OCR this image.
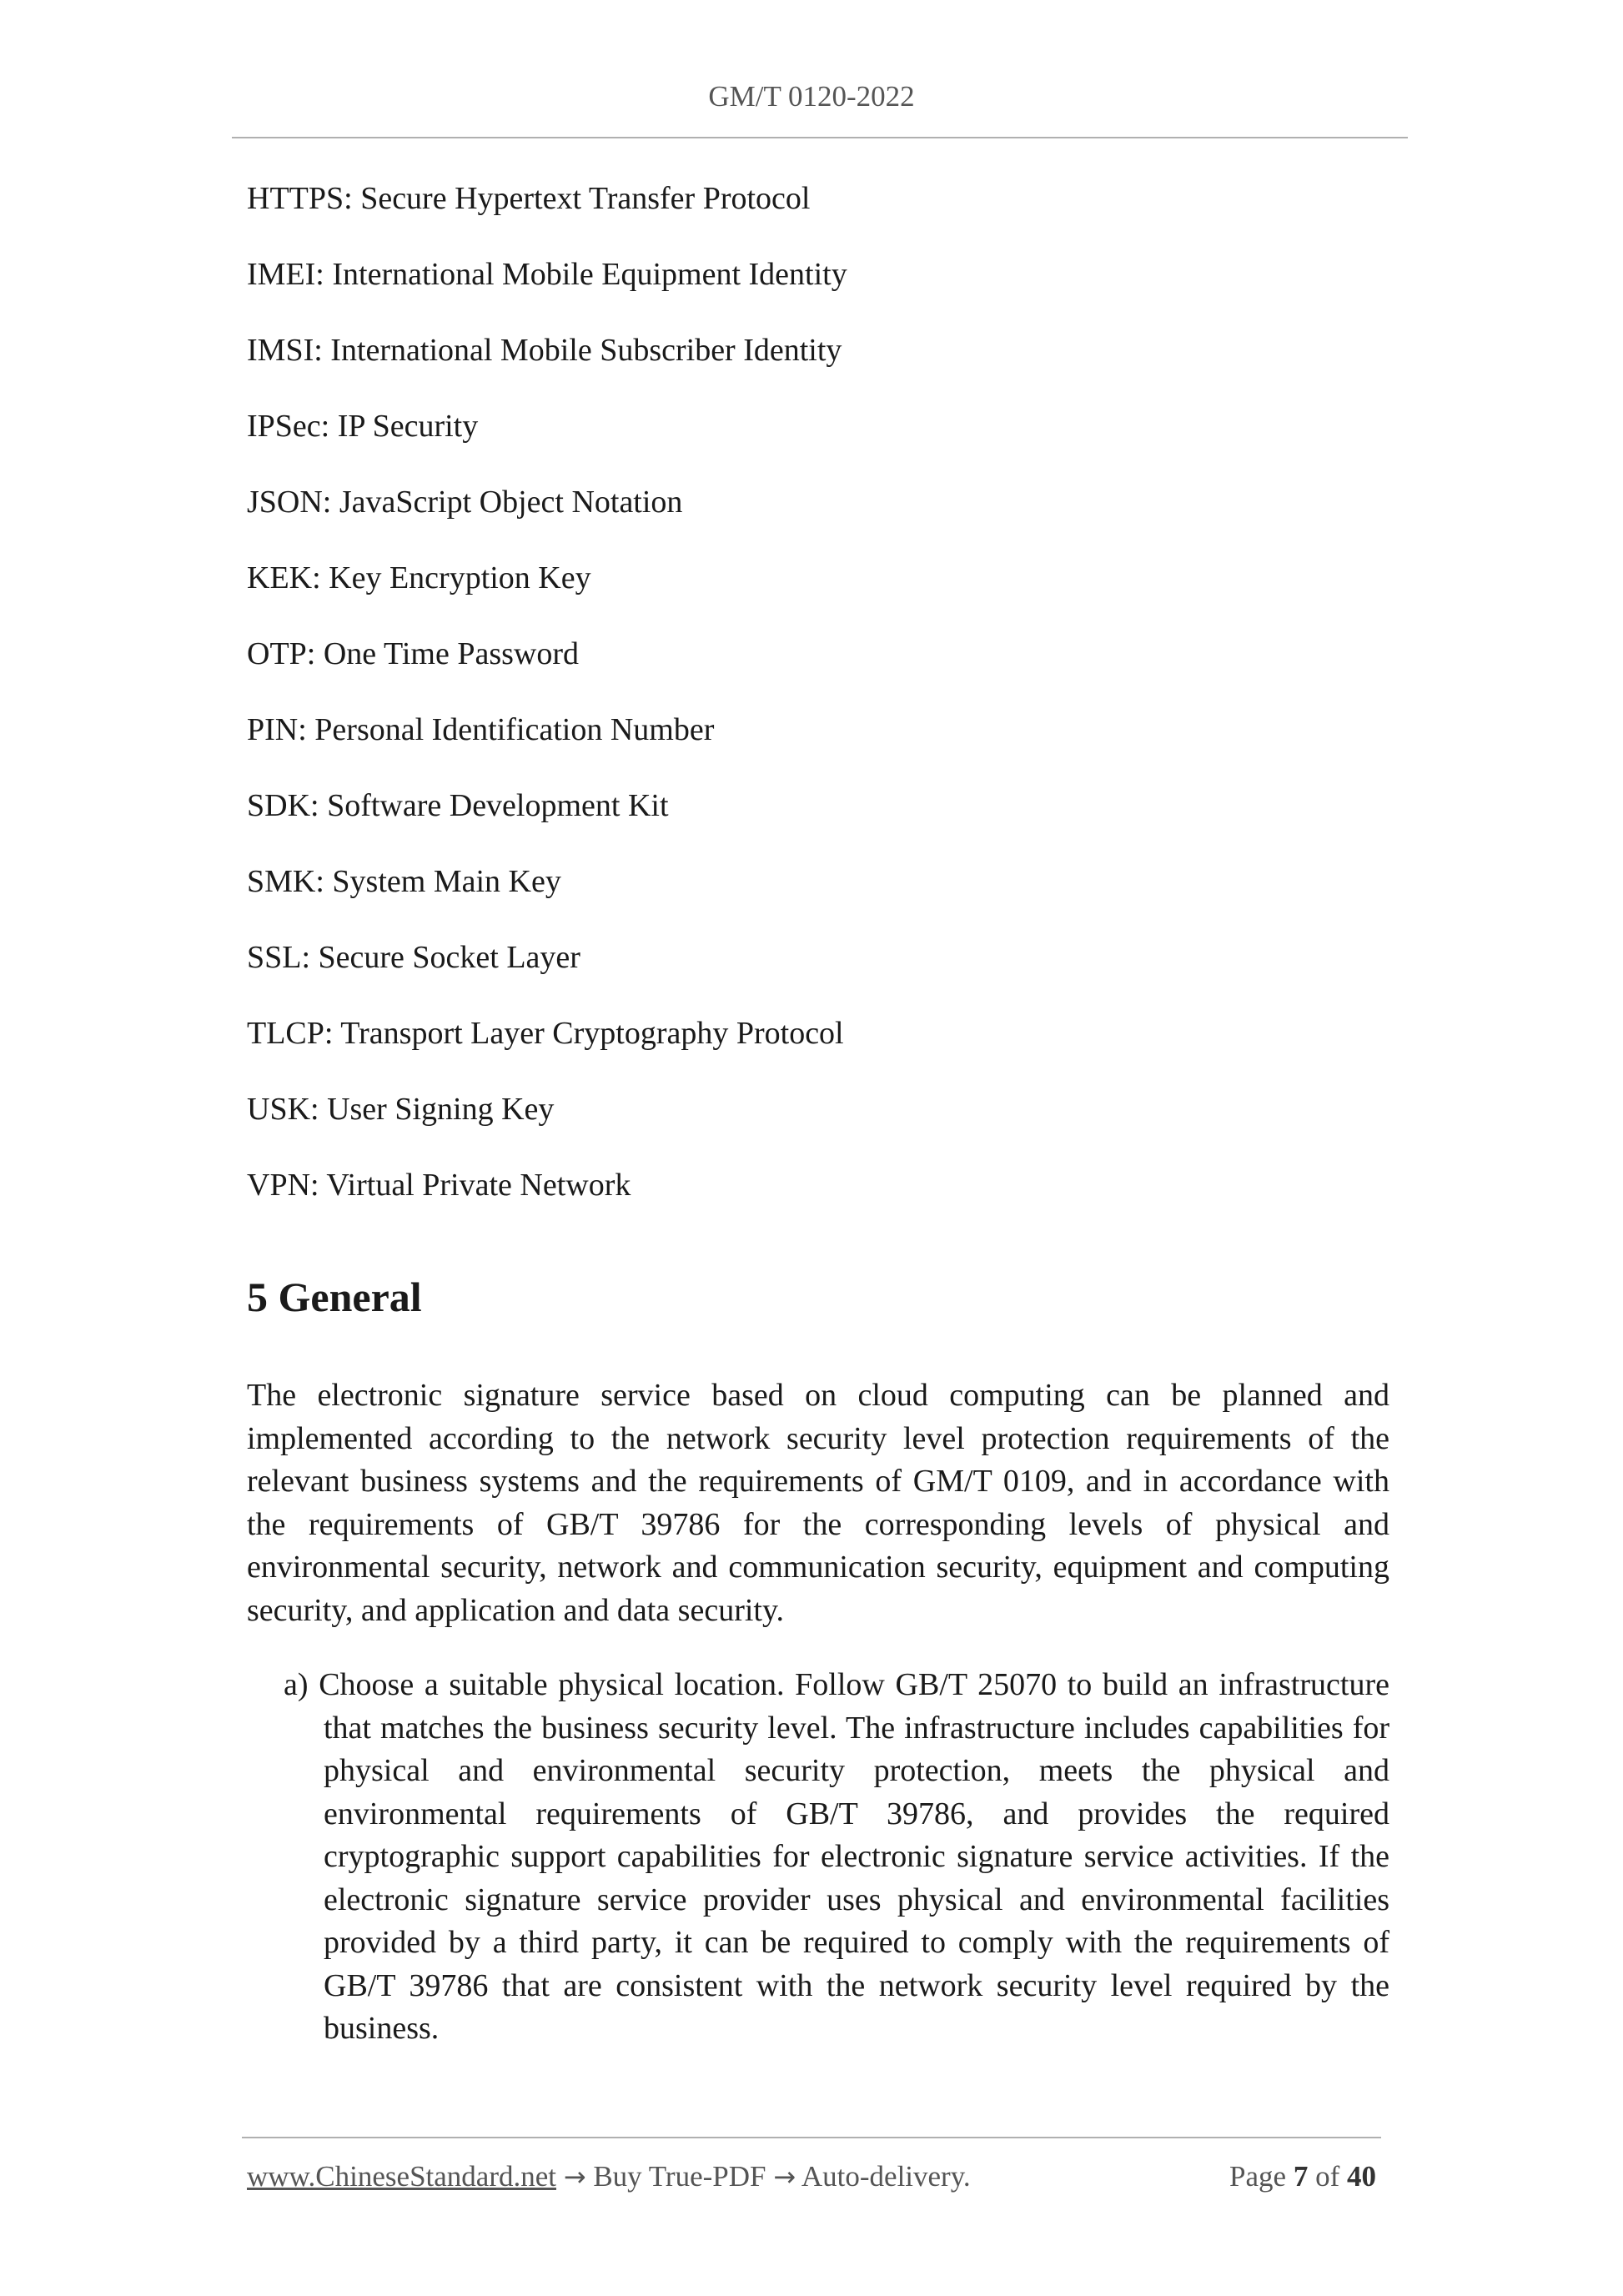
GM/T 0120-2022
HTTPS: Secure Hypertext Transfer Protocol
IMEI: International Mobile Equipment Identity
IMSI: International Mobile Subscriber Identity
IPSec: IP Security
JSON: JavaScript Object Notation
KEK: Key Encryption Key
OTP: One Time Password
PIN: Personal Identification Number
SDK: Software Development Kit
SMK: System Main Key
SSL: Secure Socket Layer
TLCP: Transport Layer Cryptography Protocol
USK: User Signing Key
VPN: Virtual Private Network
5 General

The electronic signature service based on cloud computing can be planned and implemented according to the network security level protection requirements of the relevant business systems and the requirements of GM/T 0109, and in accordance with the requirements of GB/T 39786 for the corresponding levels of physical and environmental security, network and communication security, equipment and computing security, and application and data security.

a) Choose a suitable physical location. Follow GB/T 25070 to build an infrastructure that matches the business security level. The infrastructure includes capabilities for physical and environmental security protection, meets the physical and environmental requirements of GB/T 39786, and provides the required cryptographic support capabilities for electronic signature service activities. If the electronic signature service provider uses physical and environmental facilities provided by a third party, it can be required to comply with the requirements of GB/T 39786 that are consistent with the network security level required by the business.

www.ChineseStandard.net → Buy True-PDF → Auto-delivery.	Page 7 of 40
